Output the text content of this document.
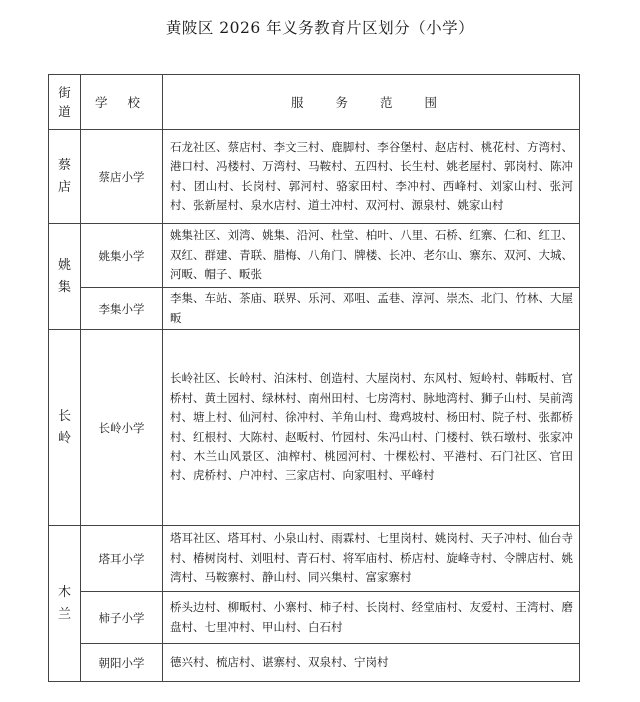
黄陂区 2026 年义务教育片区划分（小学）
街
道	学 校	服 务 范 围

蔡
店	蔡店小学	石龙社区、蔡店村、李文三村、鹿脚村、李谷堡村、赵店村、桃花村、方湾村、港口村、冯楼村、万湾村、马鞍村、五四村、长生村、姚老屋村、郭岗村、陈冲村、团山村、长岗村、郭河村、骆家田村、李冲村、西峰村、刘家山村、张河村、张新屋村、泉水店村、道士冲村、双河村、源泉村、姚家山村

姚
集	姚集小学	姚集社区、刘湾、姚集、沿河、杜堂、柏叶、八里、石桥、红寨、仁和、红卫、双红、群建、青联、腊梅、八角门、牌楼、长冲、老尔山、寨东、双河、大城、河畈、帽子、畈张
	李集小学	李集、车站、茶庙、联界、乐河、邓咀、孟巷、淳河、崇杰、北门、竹林、大屋畈

长
岭	长岭小学	长岭社区、长岭村、泊沫村、创造村、大屋岗村、东风村、短岭村、韩畈村、官桥村、黄土园村、绿林村、南州田村、七房湾村、脉地湾村、狮子山村、吴前湾村、塘上村、仙河村、徐冲村、羊角山村、鸯鸡坡村、杨田村、院子村、张都桥村、红根村、大陈村、赵畈村、竹园村、朱冯山村、门楼村、铁石墩村、张家冲村、木兰山风景区、油榨村、桃园河村、十棵松村、平港村、石门社区、官田村、虎桥村、户冲村、三家店村、向家咀村、平峰村

木
兰	塔耳小学	塔耳社区、塔耳村、小泉山村、雨霖村、七里岗村、姚岗村、天子冲村、仙台寺村、椿树岗村、刘咀村、青石村、将军庙村、桥店村、旋峰寺村、令牌店村、姚湾村、马鞍寨村、静山村、同兴集村、富家寨村
	柿子小学	桥头边村、柳畈村、小寨村、柿子村、长岗村、经堂庙村、友爱村、王湾村、磨盘村、七里冲村、甲山村、白石村
	朝阳小学	德兴村、梳店村、谌寨村、双泉村、宁岗村
